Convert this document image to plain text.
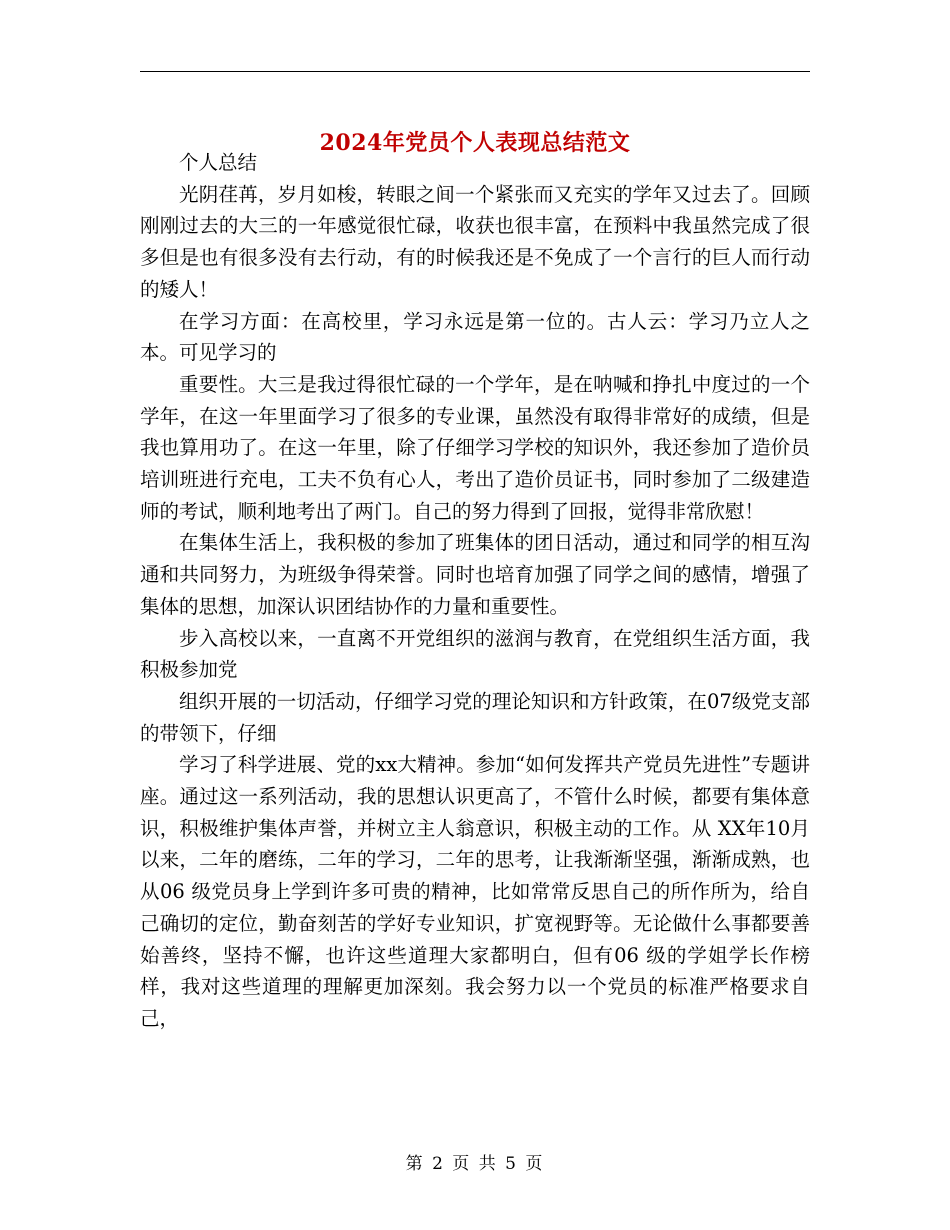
2024年党员个人表现总结范文

个人总结

光阴荏苒，岁月如梭，转眼之间一个紧张而又充实的学年又过去了。回顾刚刚过去的大三的一年感觉很忙碌，收获也很丰富，在预料中我虽然完成了很多但是也有很多没有去行动，有的时候我还是不免成了一个言行的巨人而行动的矮人！

在学习方面：在高校里，学习永远是第一位的。古人云：学习乃立人之本。可见学习的

重要性。大三是我过得很忙碌的一个学年，是在呐喊和挣扎中度过的一个学年，在这一年里面学习了很多的专业课，虽然没有取得非常好的成绩，但是我也算用功了。在这一年里，除了仔细学习学校的知识外，我还参加了造价员培训班进行充电，工夫不负有心人，考出了造价员证书，同时参加了二级建造师的考试，顺利地考出了两门。自己的努力得到了回报，觉得非常欣慰！

在集体生活上，我积极的参加了班集体的团日活动，通过和同学的相互沟通和共同努力，为班级争得荣誉。同时也培育加强了同学之间的感情，增强了集体的思想，加深认识团结协作的力量和重要性。

步入高校以来，一直离不开党组织的滋润与教育，在党组织生活方面，我积极参加党

组织开展的一切活动，仔细学习党的理论知识和方针政策，在07级党支部的带领下，仔细

学习了科学进展、党的xx大精神。参加“如何发挥共产党员先进性”专题讲座。通过这一系列活动，我的思想认识更高了，不管什么时候，都要有集体意识，积极维护集体声誉，并树立主人翁意识，积极主动的工作。从 XX年10月以来，二年的磨练，二年的学习，二年的思考，让我渐渐坚强，渐渐成熟，也从06 级党员身上学到许多可贵的精神，比如常常反思自己的所作所为，给自己确切的定位，勤奋刻苦的学好专业知识，扩宽视野等。无论做什么事都要善始善终，坚持不懈，也许这些道理大家都明白，但有06 级的学姐学长作榜样，我对这些道理的理解更加深刻。我会努力以一个党员的标准严格要求自己，

第 2 页 共 5 页
